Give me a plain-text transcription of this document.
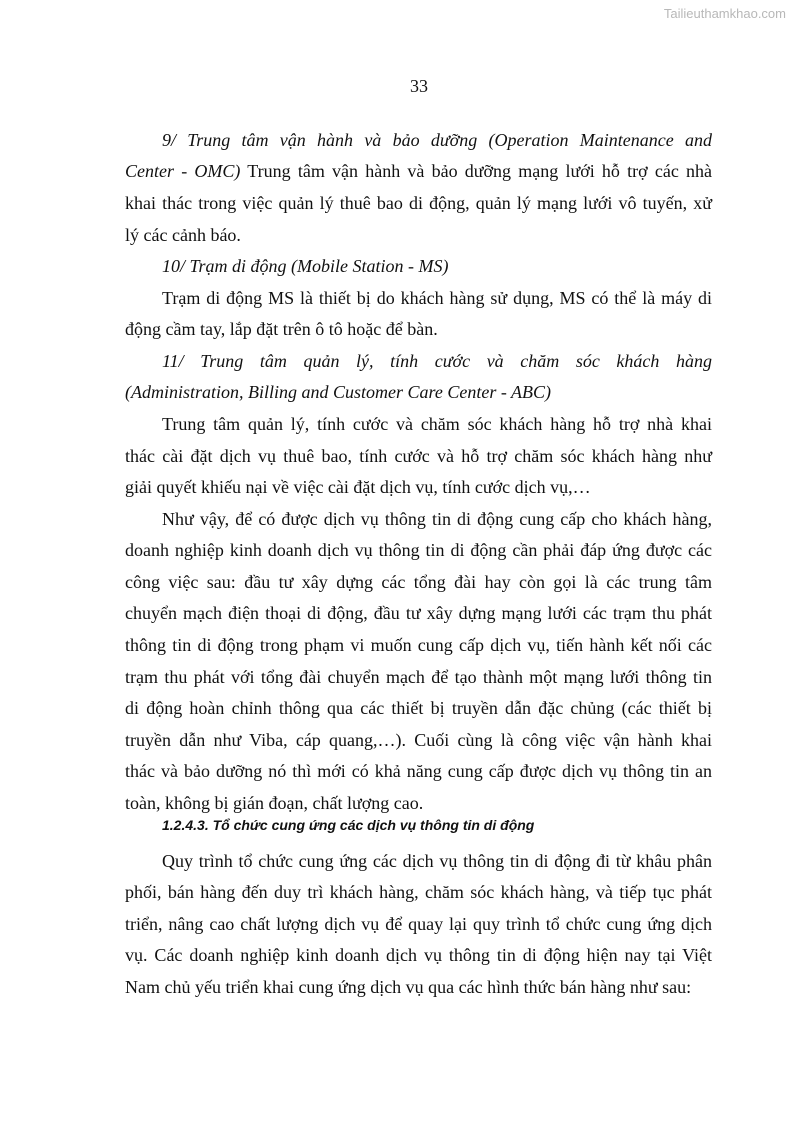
Tailieuthamkhao.com
33
9/ Trung tâm vận hành và bảo dưỡng (Operation Maintenance and
Center - OMC) Trung tâm vận hành và bảo dưỡng mạng lưới hỗ trợ các nhà
khai thác trong việc quản lý thuê bao di động, quản lý mạng lưới vô tuyến, xử
lý các cảnh báo.
10/ Trạm di động (Mobile Station - MS)
Trạm di động MS là thiết bị do khách hàng sử dụng, MS có thể là máy di
động cầm tay, lắp đặt trên ô tô hoặc để bàn.
11/ Trung tâm quản lý, tính cước và chăm sóc khách hàng
(Administration, Billing and Customer Care Center - ABC)
Trung tâm quản lý, tính cước và chăm sóc khách hàng hỗ trợ nhà khai
thác cài đặt dịch vụ thuê bao, tính cước và hỗ trợ chăm sóc khách hàng như
giải quyết khiếu nại về việc cài đặt dịch vụ, tính cước dịch vụ,…
Như vậy, để có được dịch vụ thông tin di động cung cấp cho khách hàng,
doanh nghiệp kinh doanh dịch vụ thông tin di động cần phải đáp ứng được các
công việc sau: đầu tư xây dựng các tổng đài hay còn gọi là các trung tâm
chuyển mạch điện thoại di động, đầu tư xây dựng mạng lưới các trạm thu phát
thông tin di động trong phạm vi muốn cung cấp dịch vụ, tiến hành kết nối các
trạm thu phát với tổng đài chuyển mạch để tạo thành một mạng lưới thông tin
di động hoàn chỉnh thông qua các thiết bị truyền dẫn đặc chủng (các thiết bị
truyền dẫn như Viba, cáp quang,…). Cuối cùng là công việc vận hành khai
thác và bảo dưỡng nó thì mới có khả năng cung cấp được dịch vụ thông tin an
toàn, không bị gián đoạn, chất lượng cao.
1.2.4.3. Tổ chức cung ứng các dịch vụ thông tin di động
Quy trình tổ chức cung ứng các dịch vụ thông tin di động đi từ khâu phân
phối, bán hàng đến duy trì khách hàng, chăm sóc khách hàng, và tiếp tục phát
triển, nâng cao chất lượng dịch vụ để quay lại quy trình tổ chức cung ứng dịch
vụ. Các doanh nghiệp kinh doanh dịch vụ thông tin di động hiện nay tại Việt
Nam chủ yếu triển khai cung ứng dịch vụ qua các hình thức bán hàng như sau:
